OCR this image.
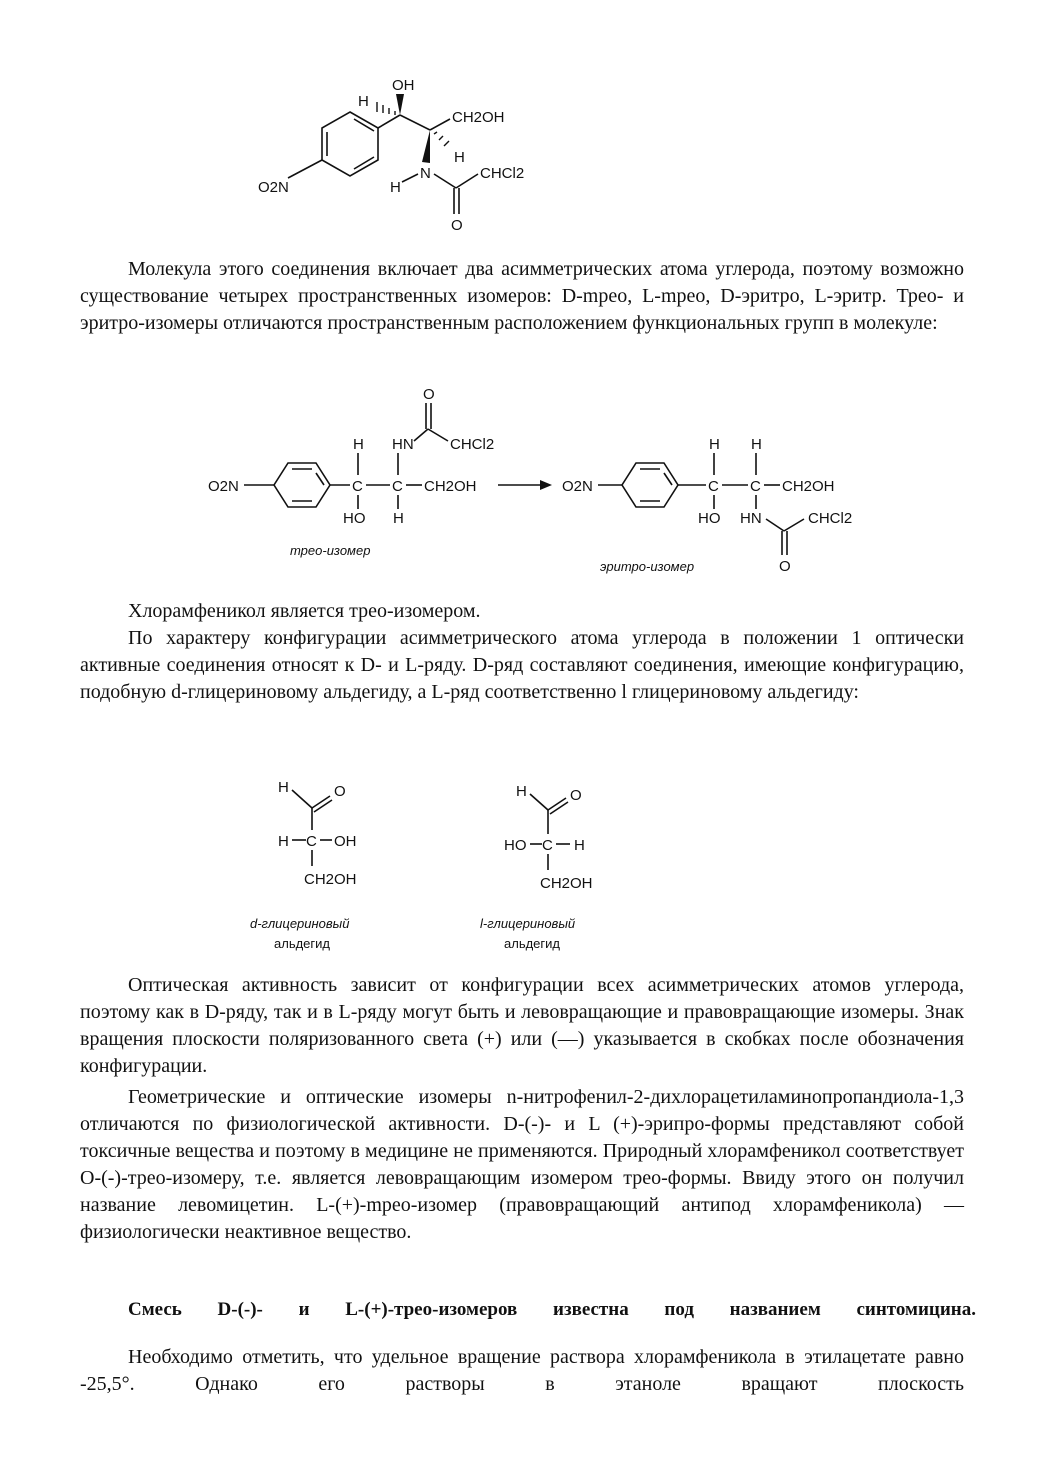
OH
H
CH2OH
H
N
H
CHCl2
O
O2N

Молекула этого соединения включает два асимметрических атома углерода, поэтому возможно существование четырех пространственных изомеров: D-mpeo, L-mpeo, D-эритро, L-эритр. Трео- и эритро-изомеры отличаются пространственным расположением функциональных групп в молекуле:

O2N
H HN CHCl2
O
C C CH2OH
HO H
трео-изомер
O2N
H H
C C CH2OH
HO HN	CHCl2
O
эритро-изомер

Хлорамфеникол является трео-изомером.

По характеру конфигурации асимметрического атома углерода в положении 1 оптически активные соединения относят к D- и L-ряду. D-ряд составляют соединения, имеющие конфигурацию, подобную d-глицериновому альдегиду, а L-ряд соответственно l глицериновому альдегиду:

H	O
H C OH
CH2OH
d-глицериновый
альдегид
H	O
HO C H
CH2OH
l-глицериновый
альдегид

Оптическая активность зависит от конфигурации всех асимметрических атомов углерода, поэтому как в D-ряду, так и в L-ряду могут быть и левовращающие и правовращающие изомеры. Знак вращения плоскости поляризованного света (+) или (—) указывается в скобках после обозначения конфигурации.

Геометрические и оптические изомеры n-нитрофенил-2-дихлорацетиламинопропандиола-1,3 отличаются по физиологической активности. D-(-)- и L (+)-эрипро-формы представляют собой токсичные вещества и поэтому в медицине не применяются. Природный хлорамфеникол соответствует О-(-)-трео-изомеру, т.е. является левовращающим изомером трео-формы. Ввиду этого он получил название левомицетин. L-(+)-mpeo-изомер (правовращающий антипод хлорамфеникола) — физиологически неактивное вещество.

Смесь D-(-)- и L-(+)-трео-изомеров известна под названием синтомицина.

Необходимо отметить, что удельное вращение раствора хлорамфеникола в этилацетате равно -25,5°. Однако его растворы в этаноле вращают плоскость
